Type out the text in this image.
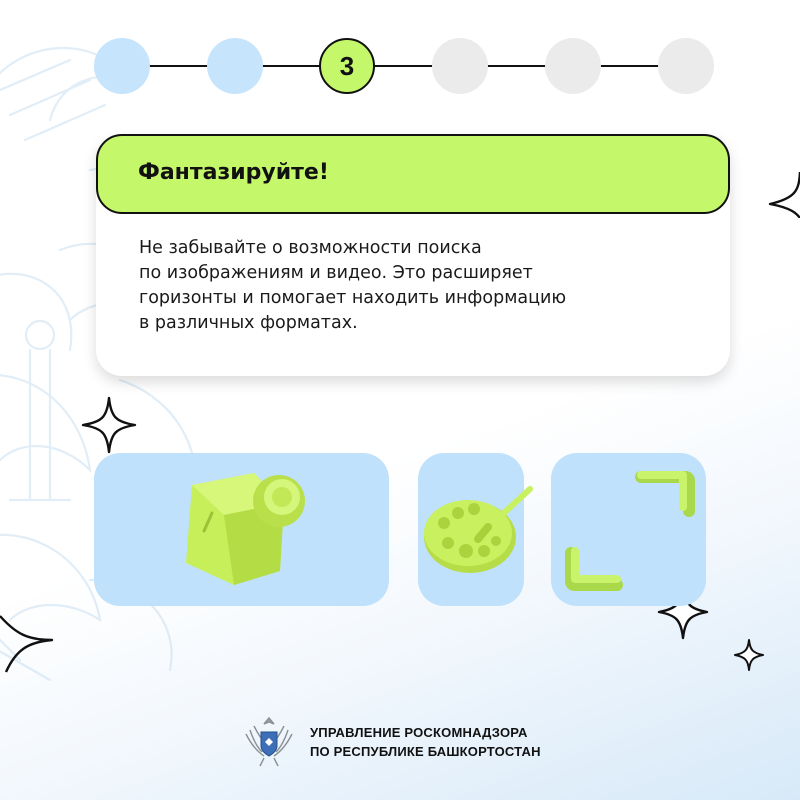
3
Фантазируйте!

Не забывайте о возможности поиска
по изображениям и видео. Это расширяет
горизонты и помогает находить информацию
в различных форматах.

УПРАВЛЕНИЕ РОСКОМНАДЗОРА
ПО РЕСПУБЛИКЕ БАШКОРТОСТАН
